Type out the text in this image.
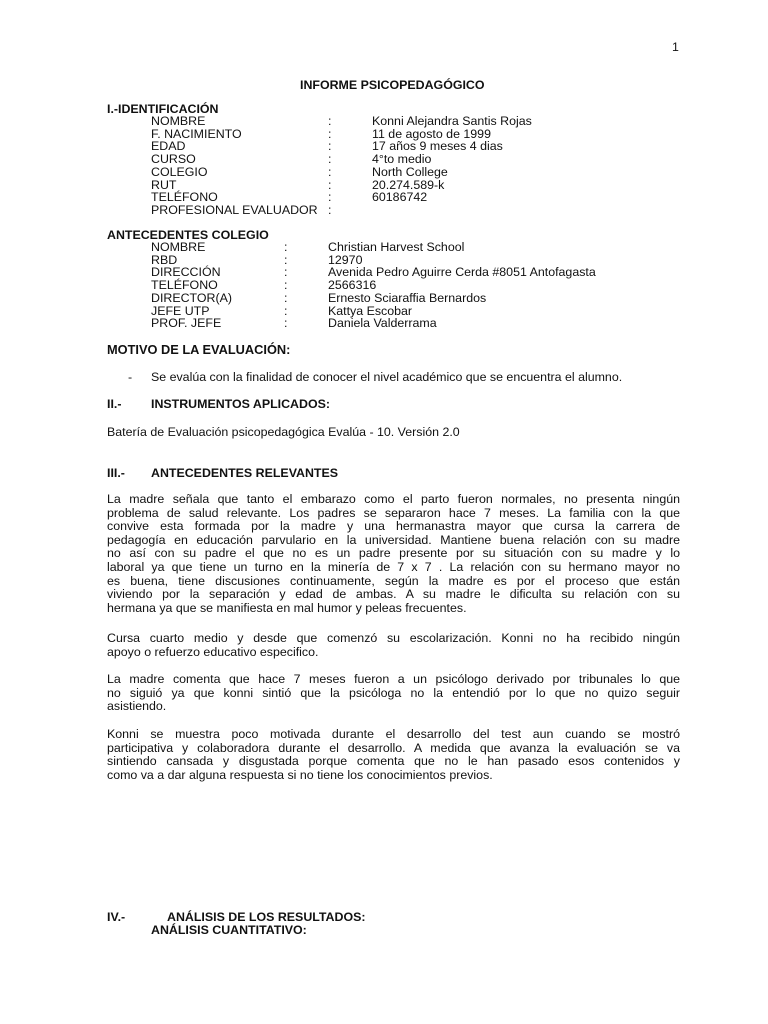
1
INFORME PSICOPEDAGÓGICO
I.-IDENTIFICACIÓN
NOMBRE	:	Konni Alejandra Santis Rojas
F. NACIMIENTO	:	11 de agosto de 1999
EDAD	:	17 años 9 meses 4 dias
CURSO	:	4°to medio
COLEGIO	:	North College
RUT	:	20.274.589-k
TELÉFONO	:	60186742
PROFESIONAL EVALUADOR :
ANTECEDENTES COLEGIO
NOMBRE	:	Christian Harvest School
RBD	:	12970
DIRECCIÓN	:	Avenida Pedro Aguirre Cerda #8051 Antofagasta
TELÉFONO	:	2566316
DIRECTOR(A)	:	Ernesto Sciaraffia Bernardos
JEFE UTP	:	Kattya Escobar
PROF. JEFE	:	Daniela Valderrama
MOTIVO DE LA EVALUACIÓN:
- Se evalúa con la finalidad de conocer el nivel académico que se encuentra el alumno.
II.- INSTRUMENTOS APLICADOS:
Batería de Evaluación psicopedagógica Evalúa - 10. Versión 2.0
III.- ANTECEDENTES RELEVANTES
La madre señala que tanto el embarazo como el parto fueron normales, no presenta ningún
problema de salud relevante. Los padres se separaron hace 7 meses. La familia con la que
convive esta formada por la madre y una hermanastra mayor que cursa la carrera de
pedagogía en educación parvulario en la universidad. Mantiene buena relación con su madre
no así con su padre el que no es un padre presente por su situación con su madre y lo
laboral ya que tiene un turno en la minería de 7 x 7 . La relación con su hermano mayor no
es buena, tiene discusiones continuamente, según la madre es por el proceso que están
viviendo por la separación y edad de ambas. A su madre le dificulta su relación con su
hermana ya que se manifiesta en mal humor y peleas frecuentes.
Cursa cuarto medio y desde que comenzó su escolarización. Konni no ha recibido ningún
apoyo o refuerzo educativo especifico.
La madre comenta que hace 7 meses fueron a un psicólogo derivado por tribunales lo que
no siguió ya que konni sintió que la psicóloga no la entendió por lo que no quizo seguir
asistiendo.
Konni se muestra poco motivada durante el desarrollo del test aun cuando se mostró
participativa y colaboradora durante el desarrollo. A medida que avanza la evaluación se va
sintiendo cansada y disgustada porque comenta que no le han pasado esos contenidos y
como va a dar alguna respuesta si no tiene los conocimientos previos.
IV.-	ANÁLISIS DE LOS RESULTADOS:
ANÁLISIS CUANTITATIVO:
